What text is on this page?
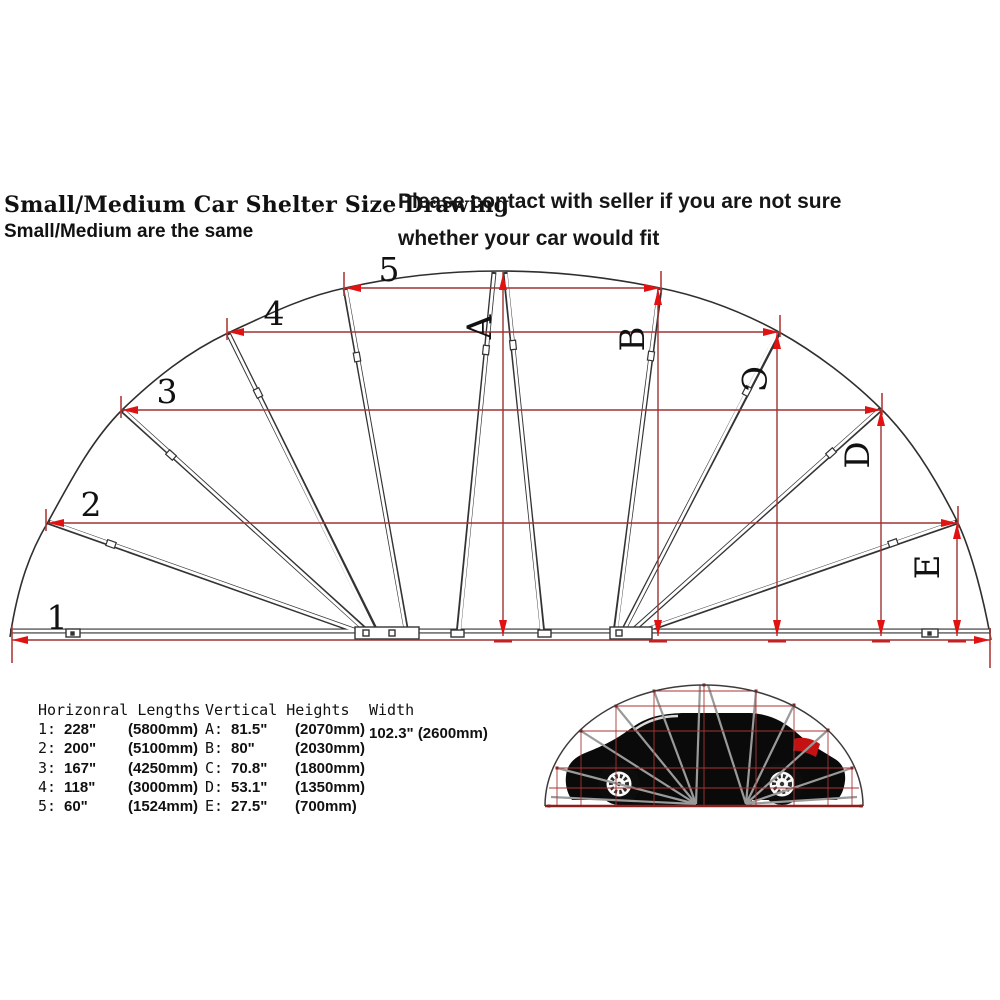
Small/Medium Car Shelter Size Drawing
Small/Medium are the same
Please contact with seller if you are not sure
whether your car would fit
1
2
3
4
5
A	B
C
D
E
Horizonral Lengths
1: 228"	(5800mm)
2: 200"	(5100mm)
3: 167"	(4250mm)
4: 118"	(3000mm)
5: 60"	(1524mm)
Vertical Heights
A: 81.5"	(2070mm)
B: 80"	(2030mm)
C: 70.8"	(1800mm)
D: 53.1"	(1350mm)
E: 27.5"	(700mm)
Width
102.3" (2600mm)
